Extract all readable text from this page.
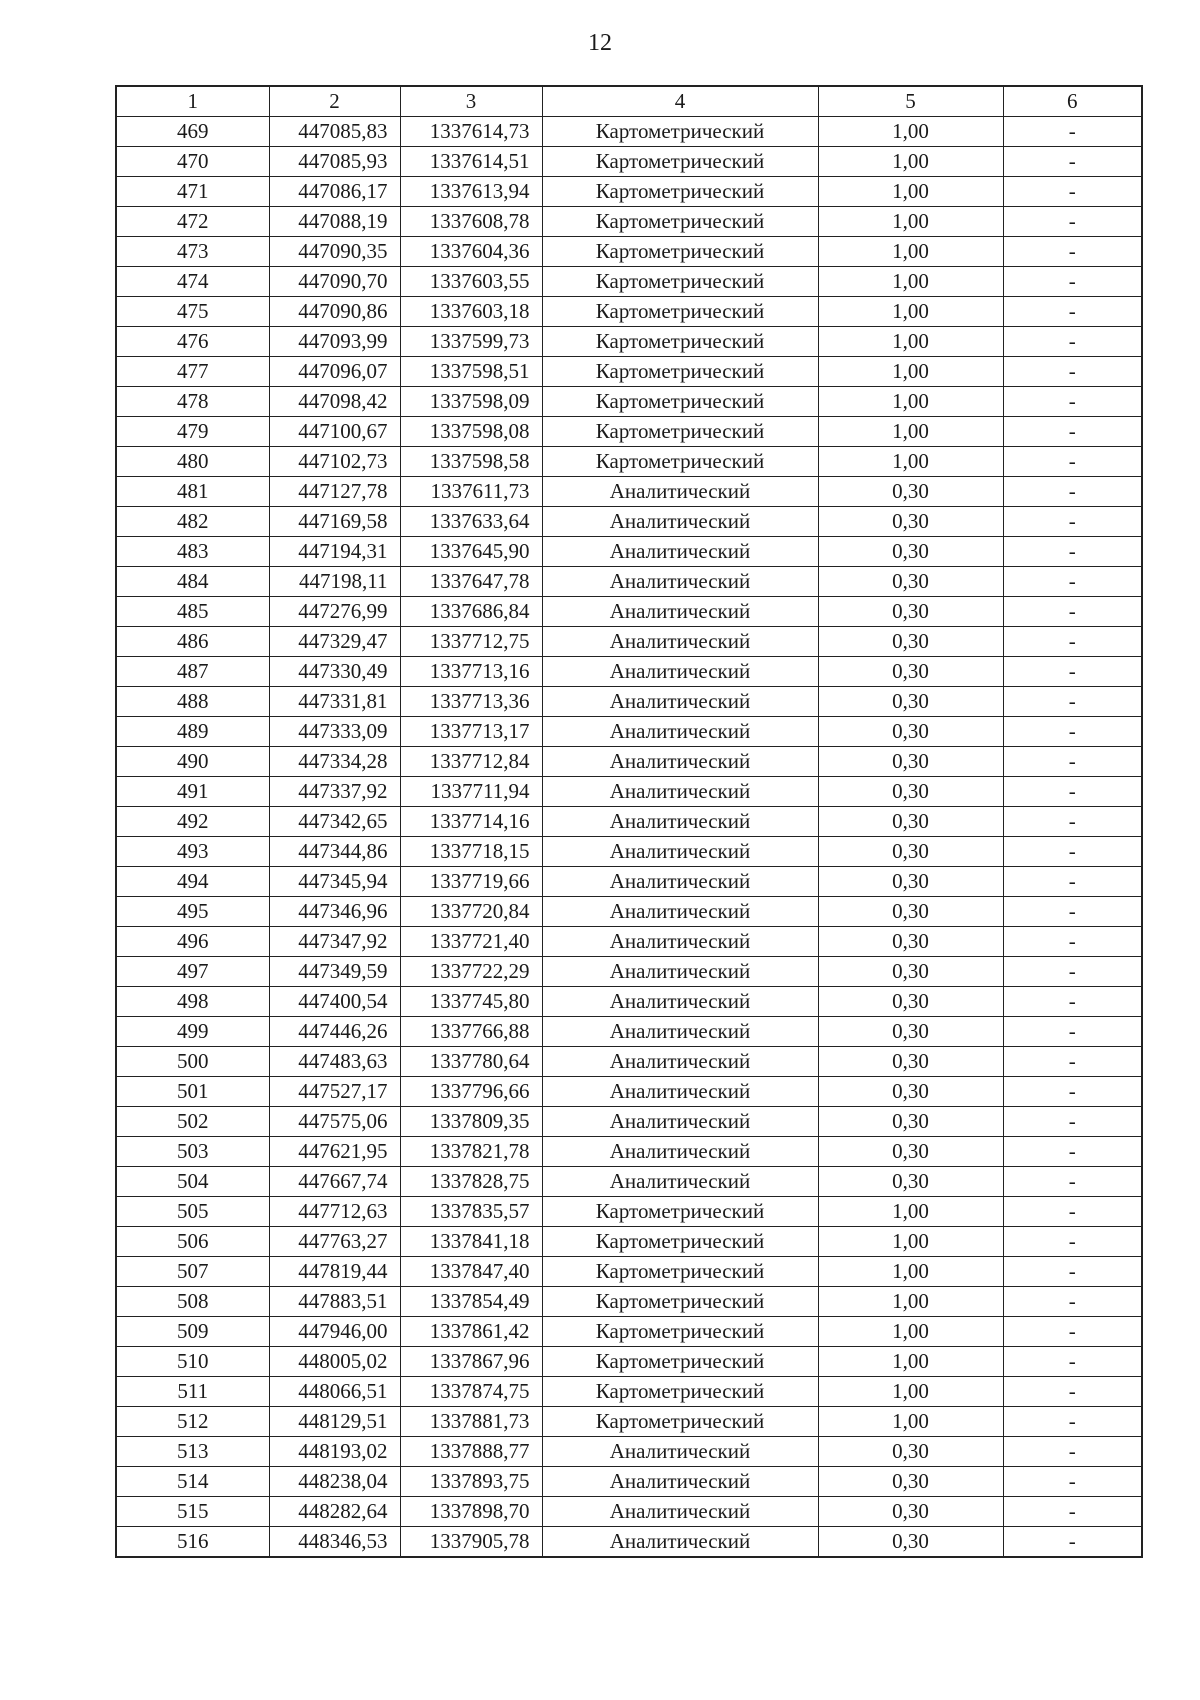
12
1	2	3	4	5	6
469	447085,83	1337614,73	Картометрический	1,00	-
470	447085,93	1337614,51	Картометрический	1,00	-
471	447086,17	1337613,94	Картометрический	1,00	-
472	447088,19	1337608,78	Картометрический	1,00	-
473	447090,35	1337604,36	Картометрический	1,00	-
474	447090,70	1337603,55	Картометрический	1,00	-
475	447090,86	1337603,18	Картометрический	1,00	-
476	447093,99	1337599,73	Картометрический	1,00	-
477	447096,07	1337598,51	Картометрический	1,00	-
478	447098,42	1337598,09	Картометрический	1,00	-
479	447100,67	1337598,08	Картометрический	1,00	-
480	447102,73	1337598,58	Картометрический	1,00	-
481	447127,78	1337611,73	Аналитический	0,30	-
482	447169,58	1337633,64	Аналитический	0,30	-
483	447194,31	1337645,90	Аналитический	0,30	-
484	447198,11	1337647,78	Аналитический	0,30	-
485	447276,99	1337686,84	Аналитический	0,30	-
486	447329,47	1337712,75	Аналитический	0,30	-
487	447330,49	1337713,16	Аналитический	0,30	-
488	447331,81	1337713,36	Аналитический	0,30	-
489	447333,09	1337713,17	Аналитический	0,30	-
490	447334,28	1337712,84	Аналитический	0,30	-
491	447337,92	1337711,94	Аналитический	0,30	-
492	447342,65	1337714,16	Аналитический	0,30	-
493	447344,86	1337718,15	Аналитический	0,30	-
494	447345,94	1337719,66	Аналитический	0,30	-
495	447346,96	1337720,84	Аналитический	0,30	-
496	447347,92	1337721,40	Аналитический	0,30	-
497	447349,59	1337722,29	Аналитический	0,30	-
498	447400,54	1337745,80	Аналитический	0,30	-
499	447446,26	1337766,88	Аналитический	0,30	-
500	447483,63	1337780,64	Аналитический	0,30	-
501	447527,17	1337796,66	Аналитический	0,30	-
502	447575,06	1337809,35	Аналитический	0,30	-
503	447621,95	1337821,78	Аналитический	0,30	-
504	447667,74	1337828,75	Аналитический	0,30	-
505	447712,63	1337835,57	Картометрический	1,00	-
506	447763,27	1337841,18	Картометрический	1,00	-
507	447819,44	1337847,40	Картометрический	1,00	-
508	447883,51	1337854,49	Картометрический	1,00	-
509	447946,00	1337861,42	Картометрический	1,00	-
510	448005,02	1337867,96	Картометрический	1,00	-
511	448066,51	1337874,75	Картометрический	1,00	-
512	448129,51	1337881,73	Картометрический	1,00	-
513	448193,02	1337888,77	Аналитический	0,30	-
514	448238,04	1337893,75	Аналитический	0,30	-
515	448282,64	1337898,70	Аналитический	0,30	-
516	448346,53	1337905,78	Аналитический	0,30	-
